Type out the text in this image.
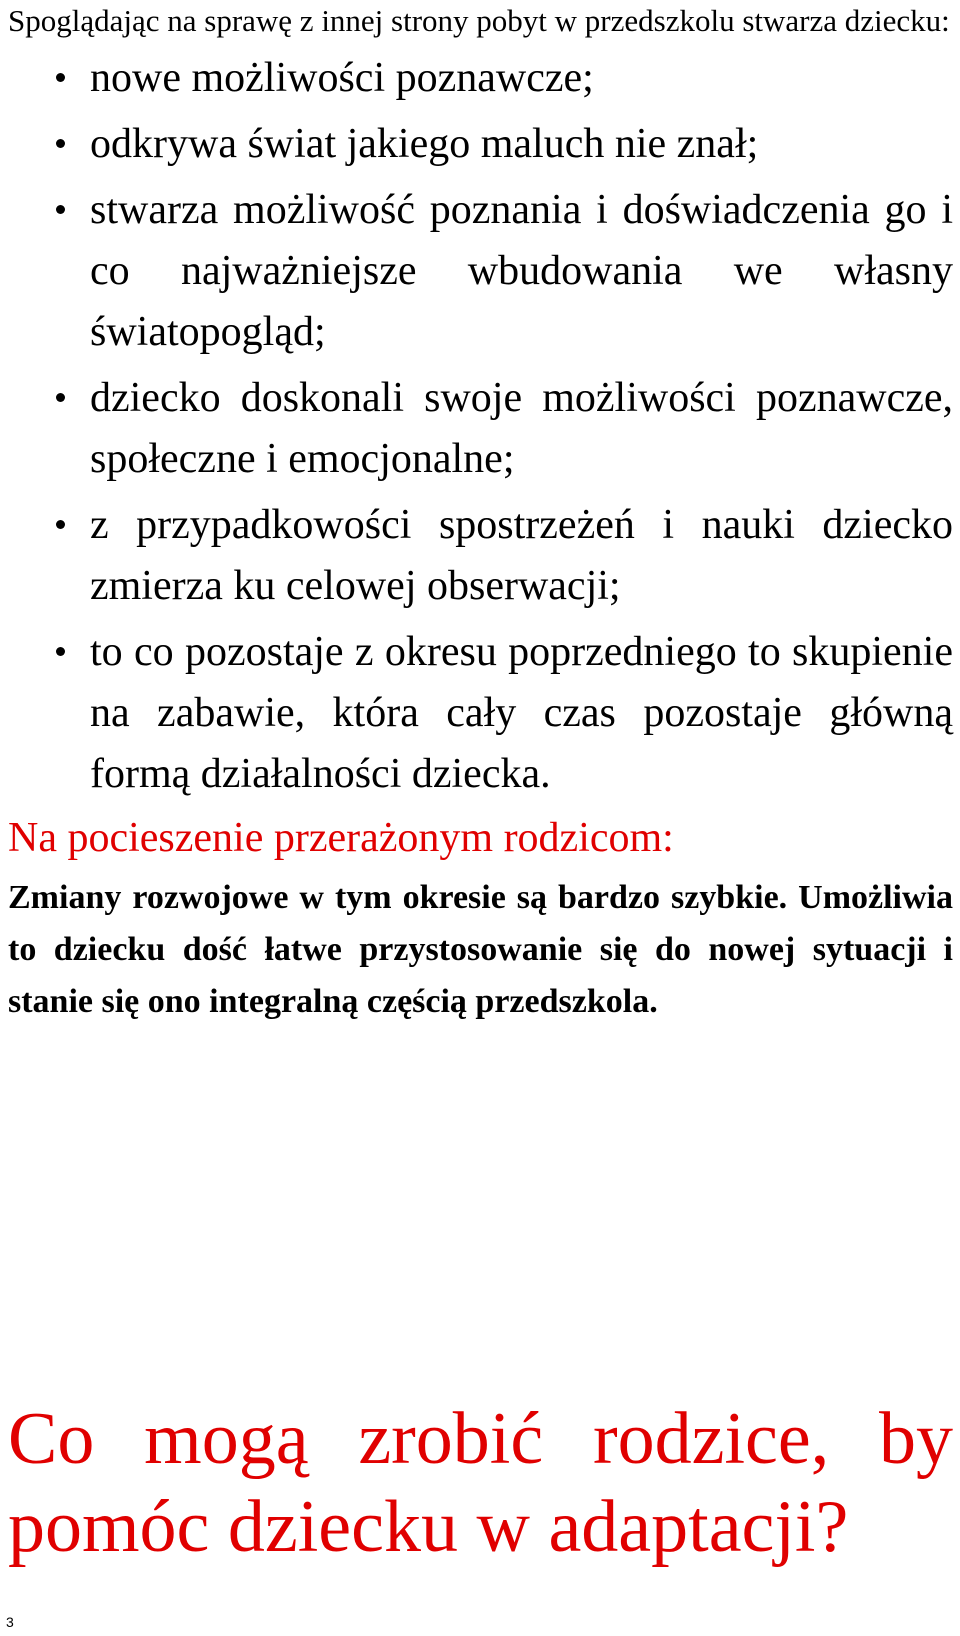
Spoglądając na sprawę z innej strony pobyt w przedszkolu stwarza dziecku:

nowe możliwości poznawcze;
odkrywa świat jakiego maluch nie znał;
stwarza możliwość poznania i doświadczenia go i co najważniejsze wbudowania we własny światopogląd;
dziecko doskonali swoje możliwości poznawcze, społeczne i emocjonalne;
z przypadkowości spostrzeżeń i nauki dziecko zmierza ku celowej obserwacji;
to co pozostaje z okresu poprzedniego to skupienie na zabawie, która cały czas pozostaje główną formą działalności dziecka.

Na pocieszenie przerażonym rodzicom:

Zmiany rozwojowe w tym okresie są bardzo szybkie. Umożliwia to dziecku dość łatwe przystosowanie się do nowej sytuacji i stanie się ono integralną częścią przedszkola.

Co mogą zrobić rodzice, by pomóc dziecku w adaptacji?

3
